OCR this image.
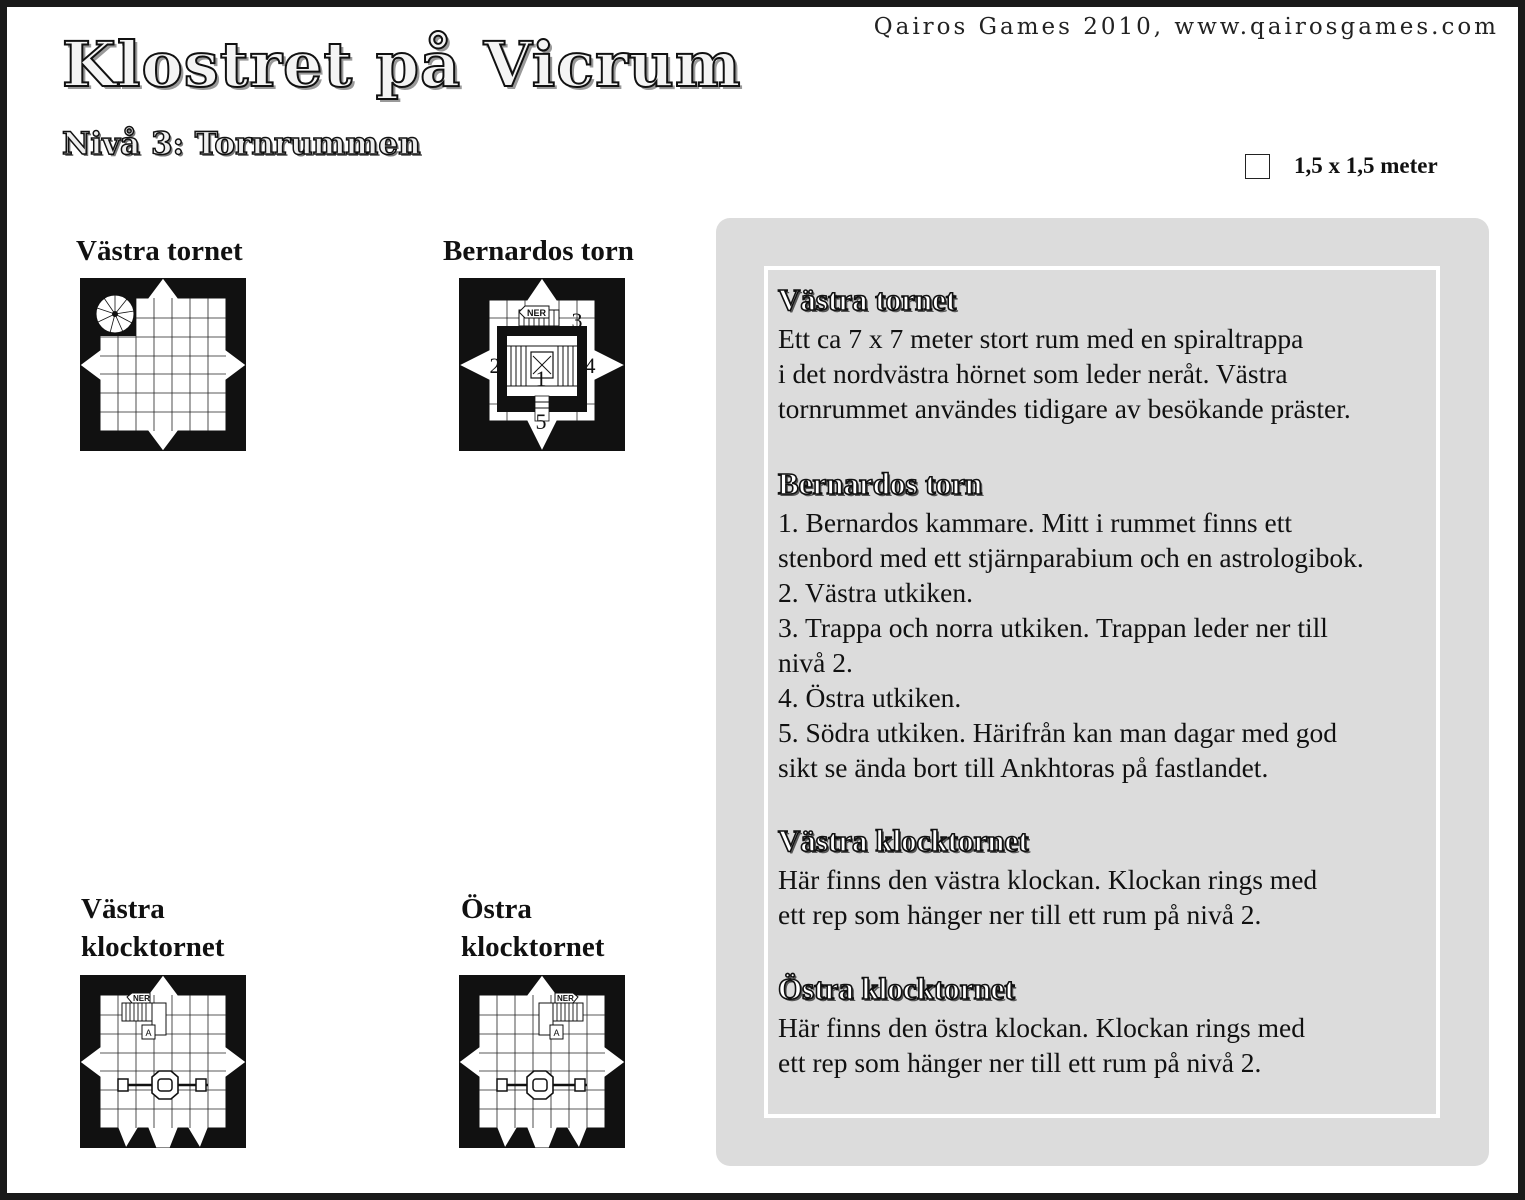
Qairos Games 2010, www.qairosgames.com
Klostret på Vicrum
Nivå 3: Tornrummen
1,5 x 1,5 meter
Västra tornet	Bernardos torn
NER
1
2
3
4
5
Västra
klocktornet
NER
A
Östra
klocktornet
NER
A
Västra tornet
Ett ca 7 x 7 meter stort rum med en spiraltrappa
i det nordvästra hörnet som leder neråt. Västra
tornrummet användes tidigare av besökande präster.
Bernardos torn
1. Bernardos kammare. Mitt i rummet finns ett
stenbord med ett stjärnparabium och en astrologibok.
2. Västra utkiken.
3. Trappa och norra utkiken. Trappan leder ner till
nivå 2.
4. Östra utkiken.
5. Södra utkiken. Härifrån kan man dagar med god
sikt se ända bort till Ankhtoras på fastlandet.
Västra klocktornet
Här finns den västra klockan. Klockan rings med
ett rep som hänger ner till ett rum på nivå 2.
Östra klocktornet
Här finns den östra klockan. Klockan rings med
ett rep som hänger ner till ett rum på nivå 2.
